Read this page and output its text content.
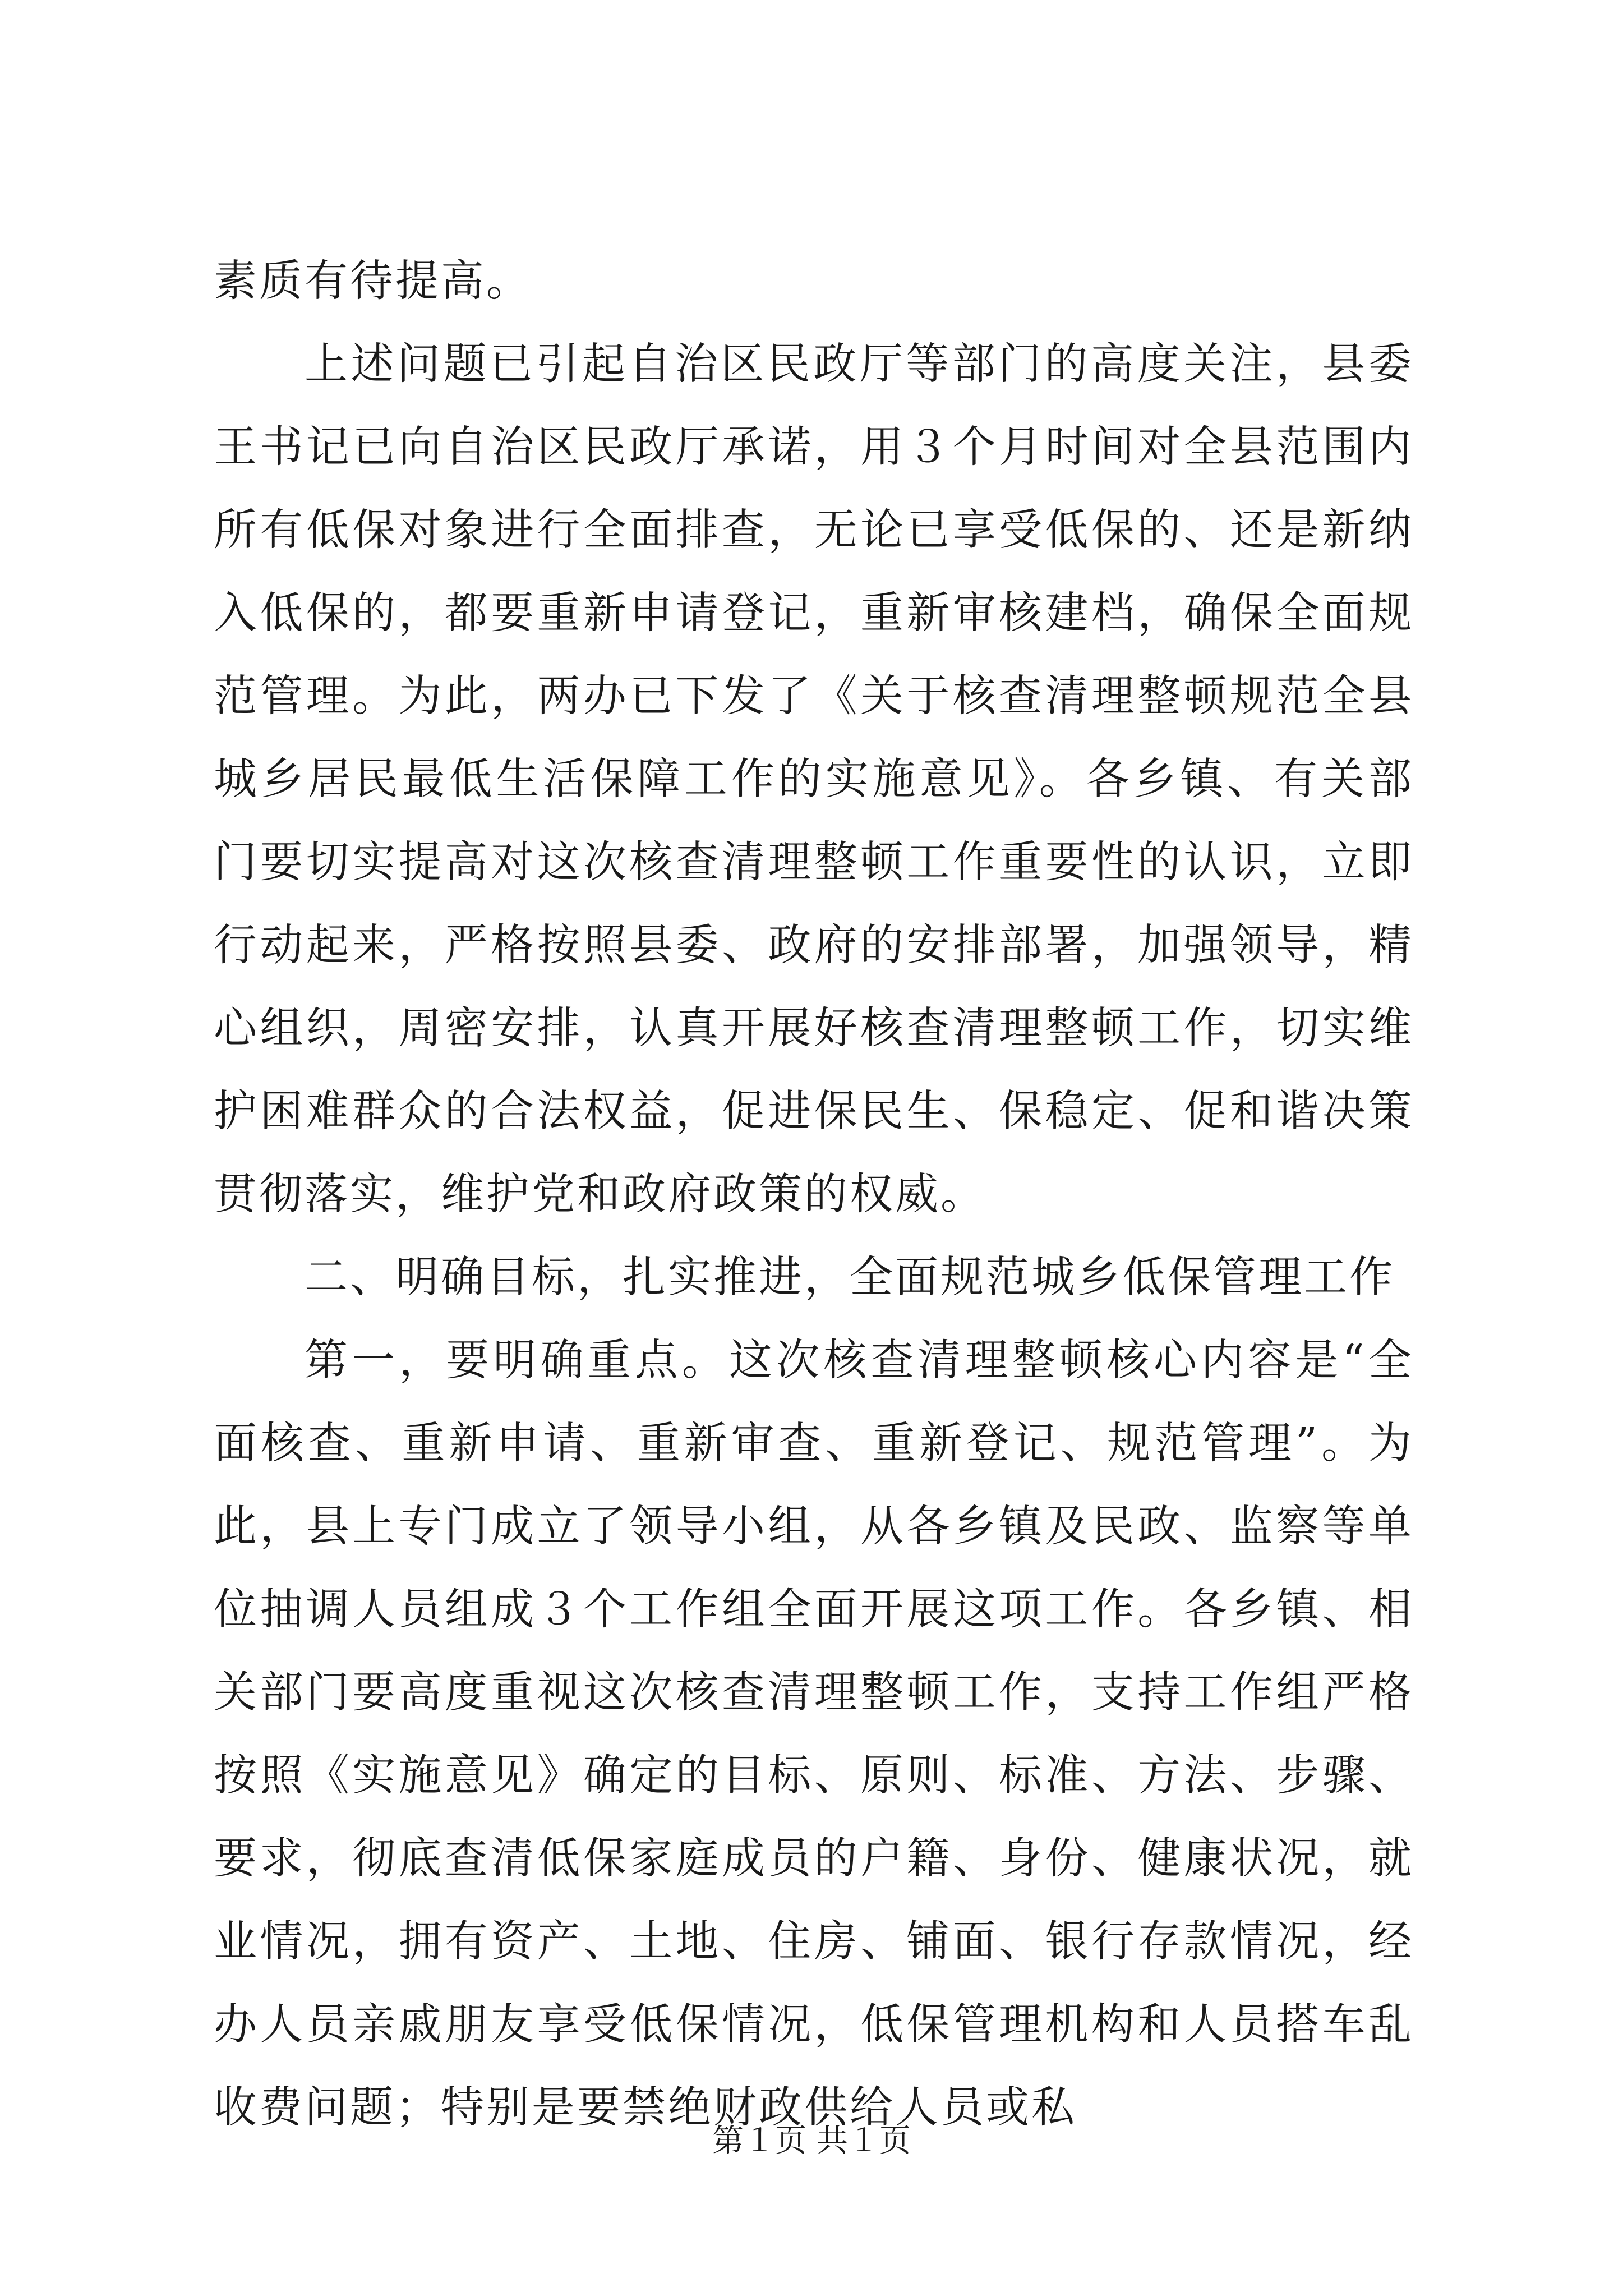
素质有待提高。

上述问题已引起自治区民政厅等部门的高度关注，县委王书记已向自治区民政厅承诺，用３个月时间对全县范围内所有低保对象进行全面排查，无论已享受低保的、还是新纳入低保的，都要重新申请登记，重新审核建档，确保全面规范管理。为此，两办已下发了《关于核查清理整顿规范全县城乡居民最低生活保障工作的实施意见》。各乡镇、有关部门要切实提高对这次核查清理整顿工作重要性的认识，立即行动起来，严格按照县委、政府的安排部署，加强领导，精心组织，周密安排，认真开展好核查清理整顿工作，切实维护困难群众的合法权益，促进保民生、保稳定、促和谐决策贯彻落实，维护党和政府政策的权威。

二、明确目标，扎实推进，全面规范城乡低保管理工作

第一，要明确重点。这次核查清理整顿核心内容是“全面核查、重新申请、重新审查、重新登记、规范管理”。为此，县上专门成立了领导小组，从各乡镇及民政、监察等单位抽调人员组成３个工作组全面开展这项工作。各乡镇、相关部门要高度重视这次核查清理整顿工作，支持工作组严格按照《实施意见》确定的目标、原则、标准、方法、步骤、要求，彻底查清低保家庭成员的户籍、身份、健康状况，就业情况，拥有资产、土地、住房、铺面、银行存款情况，经办人员亲戚朋友享受低保情况，低保管理机构和人员搭车乱收费问题；特别是要禁绝财政供给人员或私

第１页 共１页
